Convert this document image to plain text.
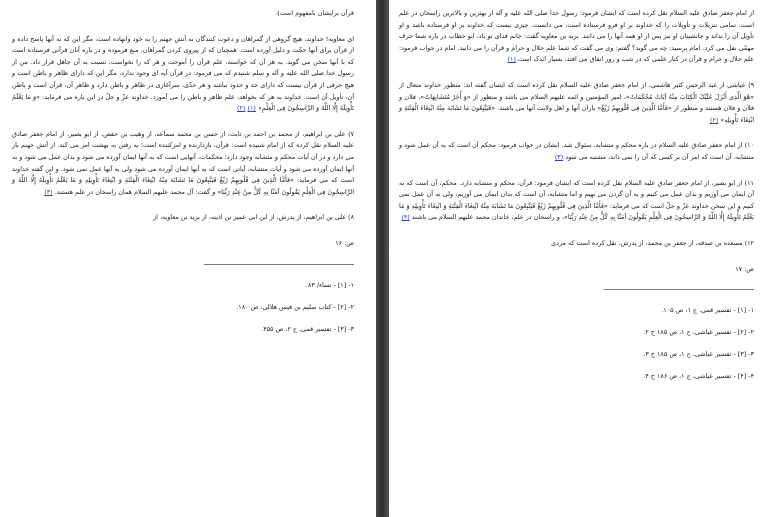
قرآن برایشان نامفهوم است).

ای معاویه! خداوند، هیچ گروهی از گمراهان و دعوت کنندگان به آتش جهنم را به خود وانهاده است، مگر این که به آنها پاسخ داده و از قرآن برای آنها حجّت و دلیل آورده است. همچنان که از پیروی کردن گمراهان، منع فرموده و در باره آنان قرآنی فرستاده است که با آنها سخن می گوید. به هر آن که خواسته، علم قرآن را آموخت و هر که را نخواست، نسبت به آن جاهل قرار داد. من از رسول خدا صلی الله علیه و آله و سلم شنیدم که می فرمود: در قرآن آیه ای وجود ندارد، مگر این که دارای ظاهر و باطن است و هیچ حرفی از قرآن نیست که دارای حد و حدود نباشد و هر حدّی، سرآغازی در ظاهر و باطن دارد و ظاهر آن، قرآن است و باطن آن، تأویل آن است. خداوند به هر که بخواهد، علم ظاهر و باطن را می آموزد. خداوند عزّ و جلّ در این باره می فرماید: «وَ مَا یَعْلَمُ تَأْوِیلَهُ إِلَّا اللَّهُ وَ الرَّاسِخُونَ فِی الْعِلْمِ» (۱) (۲)

۷) علی بن ابراهیم، از محمد بن احمد بن ثابت، از حسن بن محمد سماعه، از وهیب بن حفص، از ابو بصیر، از امام جعفر صادق علیه السلام نقل کرده که از امام شنیده است: قرآن، بازدارنده و امرکننده است؛ به رفتن به بهشت امر می کند. از آتش جهنم باز می دارد و در آن آیات محکم و متشابه وجود دارد؛ محکمات، آنهایی است که به آنها ایمان آورده می شود و بدان عمل می شود و به آنها ایمان آورده می شود و آیات متشابه، آیاتی است که به آنها ایمان آورده می شود ولی به آنها عمل نمی شود. و این گفته خداوند است که می فرماید: «فَأَمَّا الَّذِینَ فِی قُلُوبِهِمْ زَیْغٌ فَیَتَّبِعُونَ مَا تَشَابَهَ مِنْهُ ابْتِغَاءَ الْفِتْنَةِ وَ ابْتِغَاءَ تَأْوِیلِهِ وَ مَا یَعْلَمُ تَأْوِیلَهُ إِلَّا اللَّهُ وَ الرَّاسِخُونَ فِی الْعِلْمِ یَقُولُونَ آمَنَّا بِهِ کُلٌّ مِنْ عِنْدِ رَبِّنَا» و گفت: آل محمد علیهم السلام همان راسخان در علم هستند. (۳)

۸) علی بن ابراهیم، از پدرش، از ابن ابی عمیر بن اذینه، از برید بن معاویه، از

ص: ۱۶

۱- [۱] - نساء/ ۸۳.
۲- [۲] - کتاب سلیم بن قیس هلالی، ص ۱۸۰.
۳- [۳] - تفسیر قمی، ج ۲، ص ۴۵۵.

از امام جعفر صادق علیه السلام نقل کرده است که ایشان فرمود: رسول خدا صلی الله علیه و آله از بهترین و بالاترین راسخان در علم است. تمامی تنزیلات و تأویلات را که خداوند بر او فرو فرستاده است، می دانست. چیزی نیست که خداوند بر او فرستاده باشد و او تأویل آن را نداند و جانشینان او نیز پس از او همه آنها را می دانند. برید بن معاویه گفت: جانم فدای تو باد، ابو خطاب در باره شما حرف مهمّی نقل می کرد. امام پرسید: چه می گوید؟ گفتم: وی می گفت که شما علم حلال و حرام و قرآن را می دانید. امام در جواب فرمود: علم حلال و حرام و قرآن در کنار علمی که در شب و روز اتفاق می افتد، بسیار اندک است (۱)

۹) عیاشی از عبد الرحمن کثیر هاشمی، از امام جعفر صادق علیه السلام نقل کرده است که ایشان گفته اند: منظور خداوند متعال از «هُوَ الَّذِی أَنْزَلَ عَلَیْکَ الْکِتَابَ مِنْهُ آیَاتٌ مُحْکَمَاتٌ»، امیر المؤمنین و ائمه علیهم السلام می باشد و منظور از «وَ أُخَرُ مُتَشَابِهَاتٌ»، فلان و فلان و فلان هستند و منظور از «فَأَمَّا الَّذِینَ فِی قُلُوبِهِمْ زَیْغٌ» یاران آنها و اهل ولایت آنها می باشند. «فَیَتَّبِعُونَ مَا تَشَابَهَ مِنْهُ ابْتِغَاءَ الْفِتْنَةِ وَ ابْتِغَاءَ تَأْوِیلِهِ» (۲)

۱۰) از امام جعفر صادق علیه السلام در باره محکم و متشابه، سئوال شد. ایشان در جواب فرمود: محکم آن است که به آن عمل شود و متشابه، آن است که امر آن بر کسی که آن را نمی داند، مشتبه می شود (۳)

۱۱) از ابو بصیر، از امام جعفر صادق علیه السلام نقل کرده است که ایشان فرمود: قرآن، محکم و متشابه دارد. محکم، آن است که به آن ایمان می آوریم و بدان عمل می کنیم و به آن گردن می نهیم و اما متشابه، آن است که بدان ایمان می آوریم، ولی به آن عمل نمی کنیم و این سخن خداوند عزّ و جلّ است که می فرماید: «فَأَمَّا الَّذِینَ فِی قُلُوبِهِمْ زَیْغٌ فَیَتَّبِعُونَ مَا تَشَابَهَ مِنْهُ ابْتِغَاءَ الْفِتْنَةِ وَ ابْتِغَاءَ تَأْوِیلِهِ وَ مَا یَعْلَمُ تَأْوِیلَهُ إِلَّا اللَّهُ وَ الرَّاسِخُونَ فِی الْعِلْمِ یَقُولُونَ آمَنَّا بِهِ کُلٌّ مِنْ عِنْدِ رَبِّنَا»، و راسخان در علم، خاندان محمد علیهم السلام می باشند (۴)

۱۲) مسعده بن صدقه، از جعفر بن محمد، از پدرش، نقل کرده است که مردی

ص: ۱۷

۱- [۱] - تفسیر قمی، ج ۱، ص ۱۰۵.
۲- [۲] - تفسیر عیاشی، ج ۱، ص ۱۸۵ ح ۲.
۳- [۳] - تفسیر عیاشی، ج ۱، ص ۱۸۵ ح ۳.
۴- [۴] - تفسیر عیاشی، ج ۱، ص ۱۸۶ ح ۴.
